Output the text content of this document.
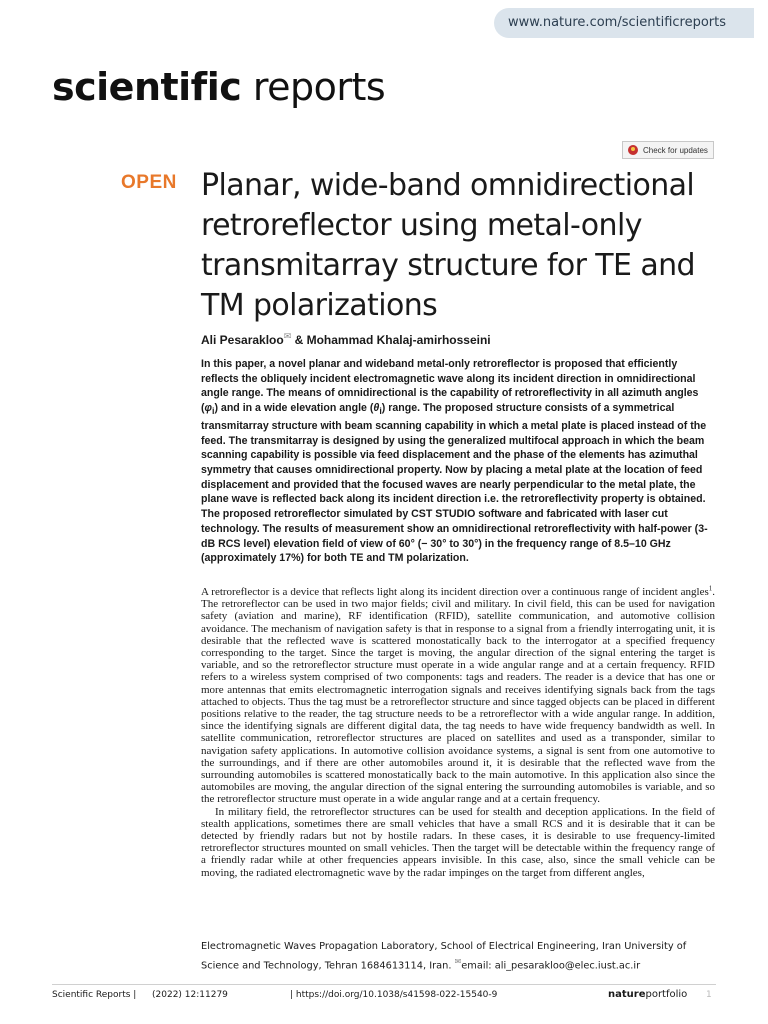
www.nature.com/scientificreports
scientific reports
Check for updates
OPEN Planar, wide-band omnidirectional retroreflector using metal-only transmitarray structure for TE and TM polarizations
Ali Pesarakloo✉ & Mohammad Khalaj-amirhosseini

In this paper, a novel planar and wideband metal-only retroreflector is proposed that efficiently reflects the obliquely incident electromagnetic wave along its incident direction in omnidirectional angle range. The means of omnidirectional is the capability of retroreflectivity in all azimuth angles $(\varphi_i)$ and in a wide elevation angle $(\theta_i)$ range. The proposed structure consists of a symmetrical transmitarray structure with beam scanning capability in which a metal plate is placed instead of the feed. The transmitarray is designed by using the generalized multifocal approach in which the beam scanning capability is possible via feed displacement and the phase of the elements has azimuthal symmetry that causes omnidirectional property. Now by placing a metal plate at the location of feed displacement and provided that the focused waves are nearly perpendicular to the metal plate, the plane wave is reflected back along its incident direction i.e. the retroreflectivity property is obtained. The proposed retroreflector simulated by CST STUDIO software and fabricated with laser cut technology. The results of measurement show an omnidirectional retroreflectivity with half-power (3-dB RCS level) elevation field of view of 60° (− 30° to 30°) in the frequency range of 8.5–10 GHz (approximately 17%) for both TE and TM polarization.

A retroreflector is a device that reflects light along its incident direction over a continuous range of incident angles$^1$. The retroreflector can be used in two major fields; civil and military. In civil field, this can be used for navigation safety (aviation and marine), RF identification (RFID), satellite communication, and automotive collision avoidance. The mechanism of navigation safety is that in response to a signal from a friendly interrogating unit, it is desirable that the reflected wave is scattered monostatically back to the interrogator at a specified frequency corresponding to the target. Since the target is moving, the angular direction of the signal entering the target is variable, and so the retroreflector structure must operate in a wide angular range and at a certain frequency. RFID refers to a wireless system comprised of two components: tags and readers. The reader is a device that has one or more antennas that emits electromagnetic interrogation signals and receives identifying signals back from the tags attached to objects. Thus the tag must be a retroreflector structure and since tagged objects can be placed in different positions relative to the reader, the tag structure needs to be a retroreflector with a wide angular range. In addition, since the identifying signals are different digital data, the tag needs to have wide frequency bandwidth as well. In satellite communication, retroreflector structures are placed on satellites and used as a transponder, similar to navigation safety applications. In automotive collision avoidance systems, a signal is sent from one automotive to the surroundings, and if there are other automobiles around it, it is desirable that the reflected wave from the surrounding automobiles is scattered monostatically back to the main automotive. In this application also since the automobiles are moving, the angular direction of the signal entering the surrounding automobiles is variable, and so the retroreflector structure must operate in a wide angular range and at a certain frequency.

In military field, the retroreflector structures can be used for stealth and deception applications. In the field of stealth applications, sometimes there are small vehicles that have a small RCS and it is desirable that it can be detected by friendly radars but not by hostile radars. In these cases, it is desirable to use frequency-limited retroreflector structures mounted on small vehicles. Then the target will be detectable within the frequency range of a friendly radar while at other frequencies appears invisible. In this case, also, since the small vehicle can be moving, the radiated electromagnetic wave by the radar impinges on the target from different angles,

Electromagnetic Waves Propagation Laboratory, School of Electrical Engineering, Iran University of Science and Technology, Tehran 1684613114, Iran. ✉email: ali_pesarakloo@elec.iust.ac.ir

Scientific Reports | (2022) 12:11279	| https://doi.org/10.1038/s41598-022-15540-9	natureportfolio 1
